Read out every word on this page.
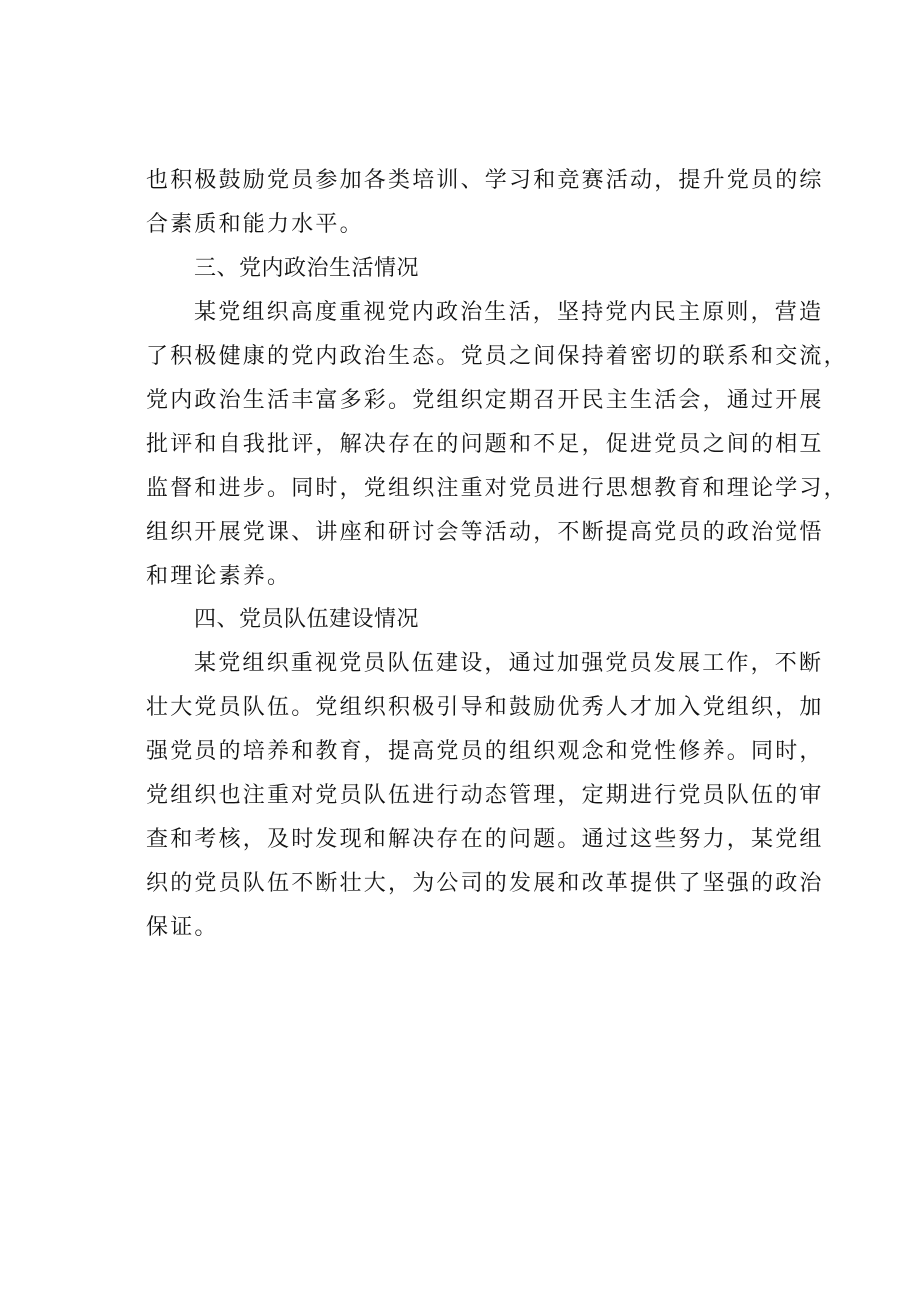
也积极鼓励党员参加各类培训、学习和竞赛活动，提升党员的综
合素质和能力水平。
三、党内政治生活情况
某党组织高度重视党内政治生活，坚持党内民主原则，营造
了积极健康的党内政治生态。党员之间保持着密切的联系和交流，
党内政治生活丰富多彩。党组织定期召开民主生活会，通过开展
批评和自我批评，解决存在的问题和不足，促进党员之间的相互
监督和进步。同时，党组织注重对党员进行思想教育和理论学习，
组织开展党课、讲座和研讨会等活动，不断提高党员的政治觉悟
和理论素养。
四、党员队伍建设情况
某党组织重视党员队伍建设，通过加强党员发展工作，不断
壮大党员队伍。党组织积极引导和鼓励优秀人才加入党组织，加
强党员的培养和教育，提高党员的组织观念和党性修养。同时，
党组织也注重对党员队伍进行动态管理，定期进行党员队伍的审
查和考核，及时发现和解决存在的问题。通过这些努力，某党组
织的党员队伍不断壮大，为公司的发展和改革提供了坚强的政治
保证。
